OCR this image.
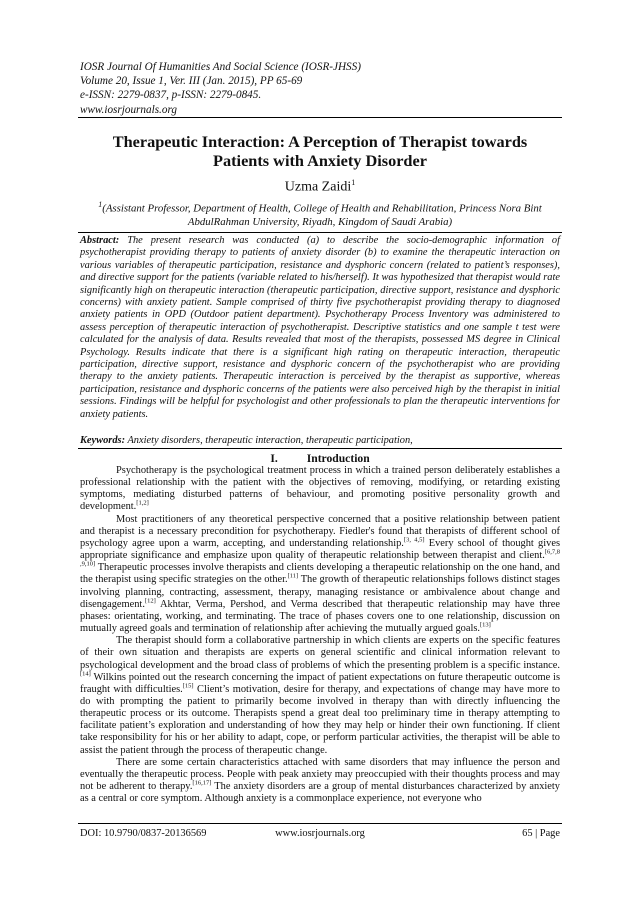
IOSR Journal Of Humanities And Social Science (IOSR-JHSS)
Volume 20, Issue 1, Ver. III (Jan. 2015), PP 65-69
e-ISSN: 2279-0837, p-ISSN: 2279-0845.
www.iosrjournals.org
Therapeutic Interaction: A Perception of Therapist towards
Patients with Anxiety Disorder
Uzma Zaidi$^1$
$^1$(Assistant Professor, Department of Health, College of Health and Rehabilitation, Princess Nora Bint
AbdulRahman University, Riyadh, Kingdom of Saudi Arabia)
Abstract: The present research was conducted (a) to describe the socio-demographic information of psychotherapist providing therapy to patients of anxiety disorder (b) to examine the therapeutic interaction on various variables of therapeutic participation, resistance and dysphoric concern (related to patient’s responses), and directive support for the patients (variable related to his/herself). It was hypothesized that therapist would rate significantly high on therapeutic interaction (therapeutic participation, directive support, resistance and dysphoric concerns) with anxiety patient. Sample comprised of thirty five psychotherapist providing therapy to diagnosed anxiety patients in OPD (Outdoor patient department). Psychotherapy Process Inventory was administered to assess perception of therapeutic interaction of psychotherapist. Descriptive statistics and one sample t test were calculated for the analysis of data. Results revealed that most of the therapists, possessed MS degree in Clinical Psychology. Results indicate that there is a significant high rating on therapeutic interaction, therapeutic participation, directive support, resistance and dysphoric concern of the psychotherapist who are providing therapy to the anxiety patients. Therapeutic interaction is perceived by the therapist as supportive, whereas participation, resistance and dysphoric concerns of the patients were also perceived high by the therapist in initial sessions. Findings will be helpful for psychologist and other professionals to plan the therapeutic interventions for anxiety patients.
Keywords: Anxiety disorders, therapeutic interaction, therapeutic participation,
I. Introduction

Psychotherapy is the psychological treatment process in which a trained person deliberately establishes a professional relationship with the patient with the objectives of removing, modifying, or retarding existing symptoms, mediating disturbed patterns of behaviour, and promoting positive personality growth and development.[1,2]

Most practitioners of any theoretical perspective concerned that a positive relationship between patient and therapist is a necessary precondition for psychotherapy. Fiedler's found that therapists of different school of psychology agree upon a warm, accepting, and understanding relationship.[3, 4,5] Every school of thought gives appropriate significance and emphasize upon quality of therapeutic relationship between therapist and client.[6,7,8 ,9,10] Therapeutic processes involve therapists and clients developing a therapeutic relationship on the one hand, and the therapist using specific strategies on the other.[11] The growth of therapeutic relationships follows distinct stages involving planning, contracting, assessment, therapy, managing resistance or ambivalence about change and disengagement.[12] Akhtar, Verma, Pershod, and Verma described that therapeutic relationship may have three phases: orientating, working, and terminating. The trace of phases covers one to one relationship, discussion on mutually agreed goals and termination of relationship after achieving the mutually argued goals.[13]

The therapist should form a collaborative partnership in which clients are experts on the specific features of their own situation and therapists are experts on general scientific and clinical information relevant to psychological development and the broad class of problems of which the presenting problem is a specific instance.[14] Wilkins pointed out the research concerning the impact of patient expectations on future therapeutic outcome is fraught with difficulties.[15] Client’s motivation, desire for therapy, and expectations of change may have more to do with prompting the patient to primarily become involved in therapy than with directly influencing the therapeutic process or its outcome. Therapists spend a great deal too preliminary time in therapy attempting to facilitate patient’s exploration and understanding of how they may help or hinder their own functioning. If client take responsibility for his or her ability to adapt, cope, or perform particular activities, the therapist will be able to assist the patient through the process of therapeutic change.

There are some certain characteristics attached with same disorders that may influence the person and eventually the therapeutic process. People with peak anxiety may preoccupied with their thoughts process and may not be adherent to therapy.[16,17] The anxiety disorders are a group of mental disturbances characterized by anxiety as a central or core symptom. Although anxiety is a commonplace experience, not everyone who

DOI: 10.9790/0837-20136569	www.iosrjournals.org	65 | Page
